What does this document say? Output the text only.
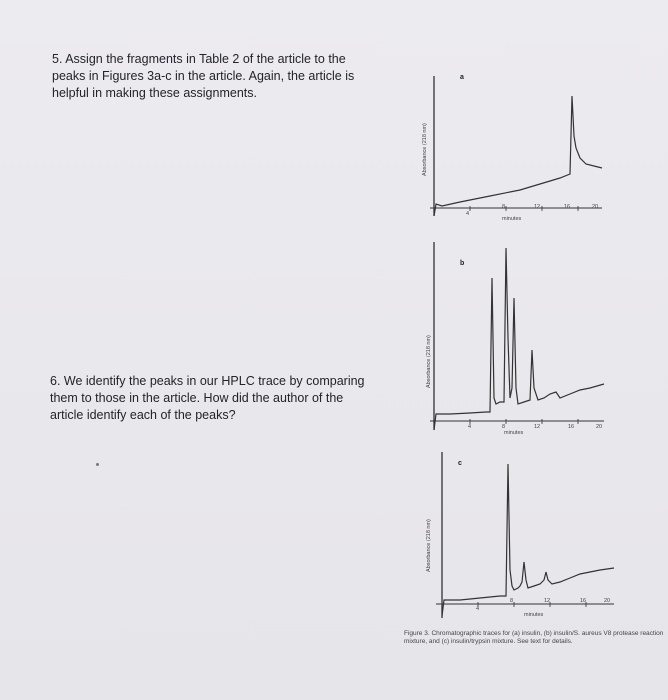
5. Assign the fragments in Table 2 of the article to the
peaks in Figures 3a-c in the article. Again, the article is
helpful in making these assignments.
6. We identify the peaks in our HPLC trace by comparing
them to those in the article. How did the author of the
article identify each of the peaks?
a
Absorbance (218 nm)
4
8	12	16	20
minutes
b
Absorbance (218 nm)
4	8	12	16	20
minutes
c
Absorbance (218 nm)
4
8	12	16	20
minutes
Figure 3. Chromatographic traces for (a) insulin, (b) insulin/S. aureus V8 protease reaction mixture, and (c) insulin/trypsin mixture. See text for details.
